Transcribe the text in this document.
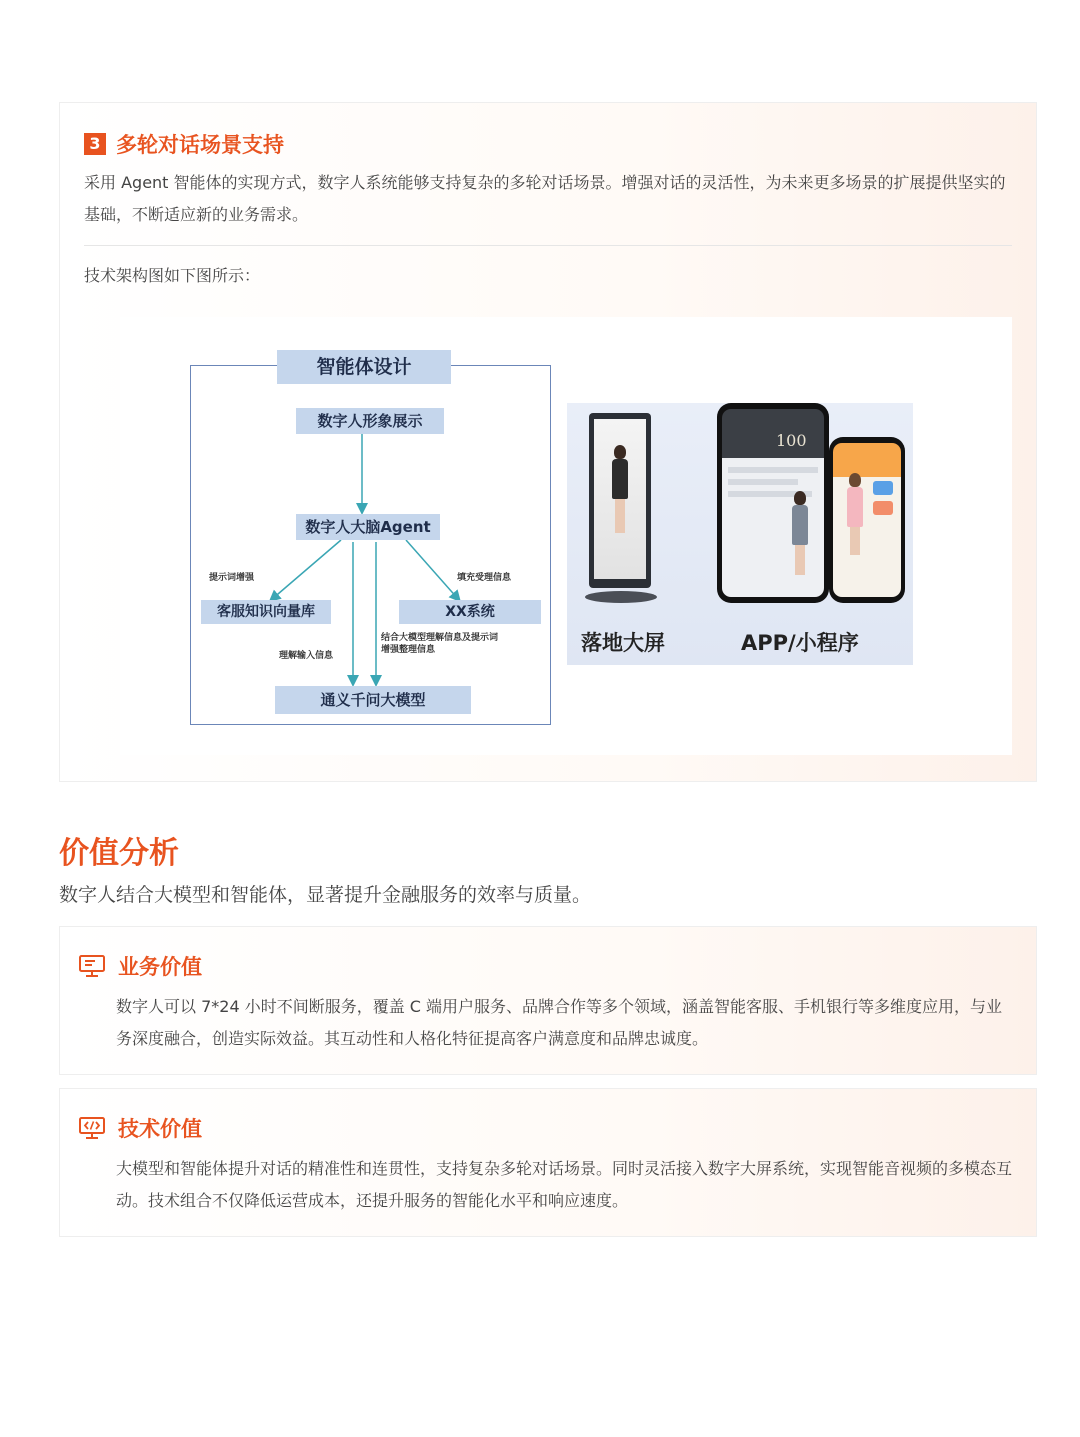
3 多轮对话场景支持

采用 Agent 智能体的实现方式，数字人系统能够支持复杂的多轮对话场景。增强对话的灵活性，为未来更多场景的扩展提供坚实的基础，不断适应新的业务需求。

技术架构图如下图所示：
智能体设计
数字人形象展示
数字人大脑Agent
客服知识向量库	XX系统
通义千问大模型
提示词增强	填充受理信息
理解输入信息
结合大模型理解信息及提示词增强整理信息
100
落地大屏	APP/小程序
价值分析
数字人结合大模型和智能体，显著提升金融服务的效率与质量。
业务价值

数字人可以 7*24 小时不间断服务，覆盖 C 端用户服务、品牌合作等多个领域，涵盖智能客服、手机银行等多维度应用，与业务深度融合，创造实际效益。其互动性和人格化特征提高客户满意度和品牌忠诚度。

技术价值

大模型和智能体提升对话的精准性和连贯性，支持复杂多轮对话场景。同时灵活接入数字大屏系统，实现智能音视频的多模态互动。技术组合不仅降低运营成本，还提升服务的智能化水平和响应速度。
